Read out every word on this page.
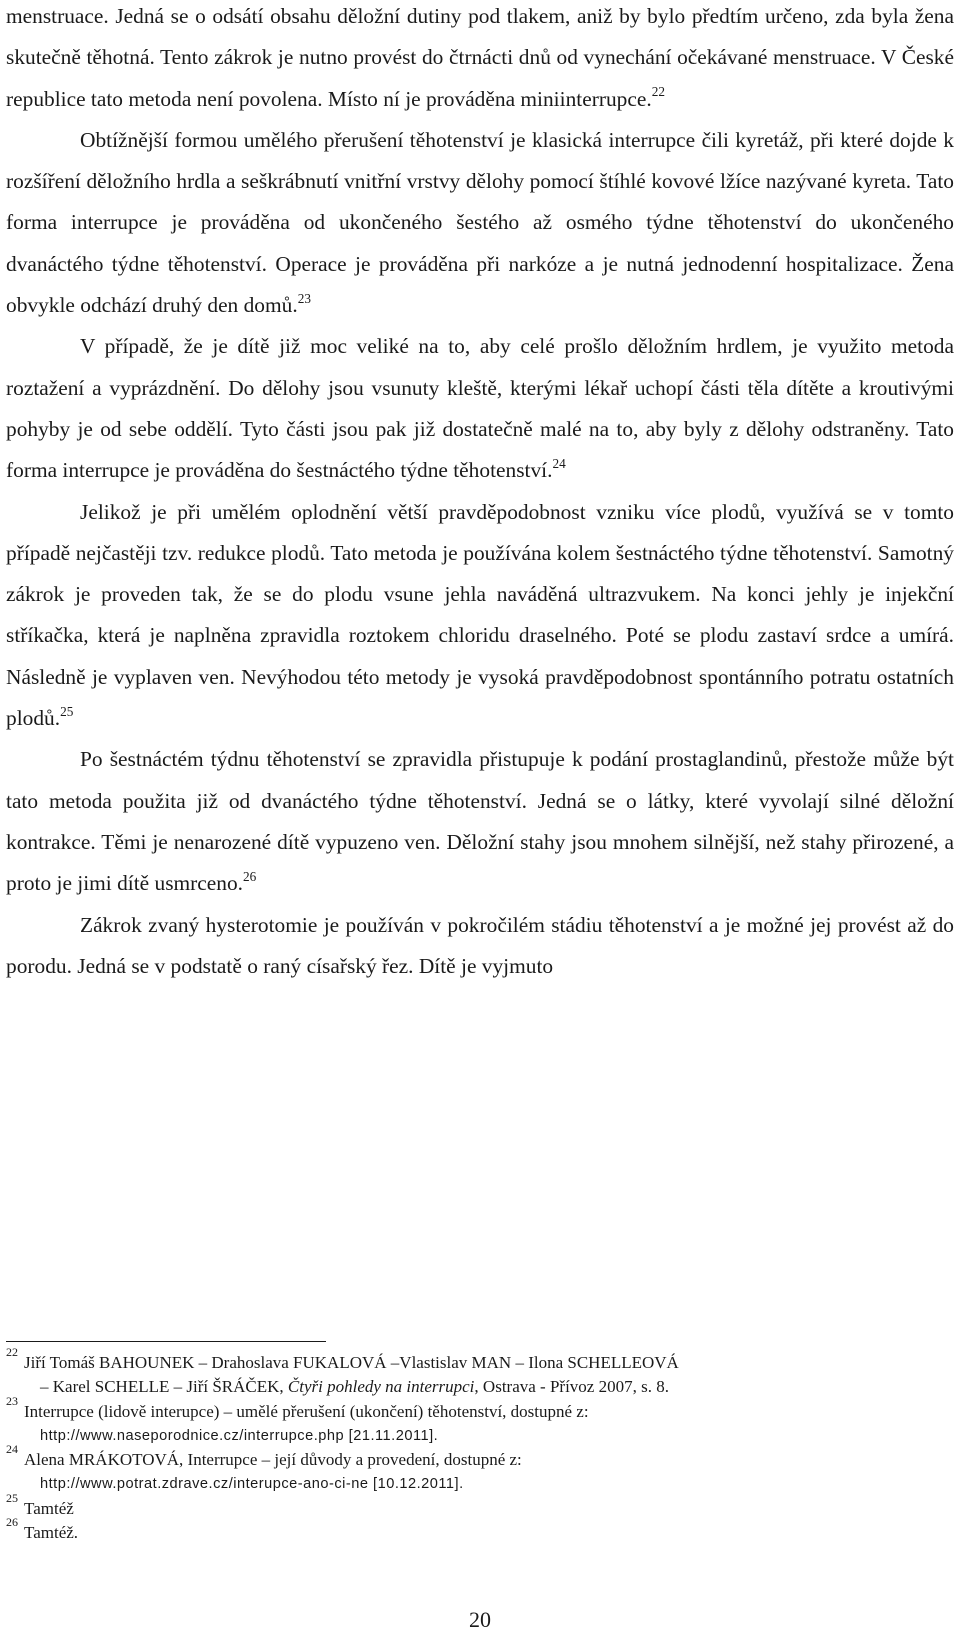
menstruace. Jedná se o odsátí obsahu děložní dutiny pod tlakem, aniž by bylo předtím určeno, zda byla žena skutečně těhotná. Tento zákrok je nutno provést do čtrnácti dnů od vynechání očekávané menstruace. V České republice tato metoda není povolena. Místo ní je prováděna miniinterrupce.$^{22}$

Obtížnější formou umělého přerušení těhotenství je klasická interrupce čili kyretáž, při které dojde k rozšíření děložního hrdla a seškrábnutí vnitřní vrstvy dělohy pomocí štíhlé kovové lžíce nazývané kyreta. Tato forma interrupce je prováděna od ukončeného šestého až osmého týdne těhotenství do ukončeného dvanáctého týdne těhotenství. Operace je prováděna při narkóze a je nutná jednodenní hospitalizace. Žena obvykle odchází druhý den domů.$^{23}$

V případě, že je dítě již moc veliké na to, aby celé prošlo děložním hrdlem, je využito metoda roztažení a vyprázdnění. Do dělohy jsou vsunuty kleště, kterými lékař uchopí části těla dítěte a kroutivými pohyby je od sebe oddělí. Tyto části jsou pak již dostatečně malé na to, aby byly z dělohy odstraněny. Tato forma interrupce je prováděna do šestnáctého týdne těhotenství.$^{24}$

Jelikož je při umělém oplodnění větší pravděpodobnost vzniku více plodů, využívá se v tomto případě nejčastěji tzv. redukce plodů. Tato metoda je používána kolem šestnáctého týdne těhotenství. Samotný zákrok je proveden tak, že se do plodu vsune jehla naváděná ultrazvukem. Na konci jehly je injekční stříkačka, která je naplněna zpravidla roztokem chloridu draselného. Poté se plodu zastaví srdce a umírá. Následně je vyplaven ven. Nevýhodou této metody je vysoká pravděpodobnost spontánního potratu ostatních plodů.$^{25}$

Po šestnáctém týdnu těhotenství se zpravidla přistupuje k podání prostaglandinů, přestože může být tato metoda použita již od dvanáctého týdne těhotenství. Jedná se o látky, které vyvolají silné děložní kontrakce. Těmi je nenarozené dítě vypuzeno ven. Děložní stahy jsou mnohem silnější, než stahy přirozené, a proto je jimi dítě usmrceno.$^{26}$

Zákrok zvaný hysterotomie je používán v pokročilém stádiu těhotenství a je možné jej provést až do porodu. Jedná se v podstatě o raný císařský řez. Dítě je vyjmuto

22
Jiří Tomáš BAHOUNEK – Drahoslava FUKALOVÁ –Vlastislav MAN – Ilona SCHELLEOVÁ
– Karel SCHELLE – Jiří ŠRÁČEK, Čtyři pohledy na interrupci, Ostrava - Přívoz 2007, s. 8.

23
Interrupce (lidově interupce) – umělé přerušení (ukončení) těhotenství, dostupné z:
http://www.naseporodnice.cz/interrupce.php [21.11.2011].

24
Alena MRÁKOTOVÁ, Interrupce – její důvody a provedení, dostupné z:
http://www.potrat.zdrave.cz/interupce-ano-ci-ne [10.12.2011].

25
Tamtéž

26
Tamtéž.

20
